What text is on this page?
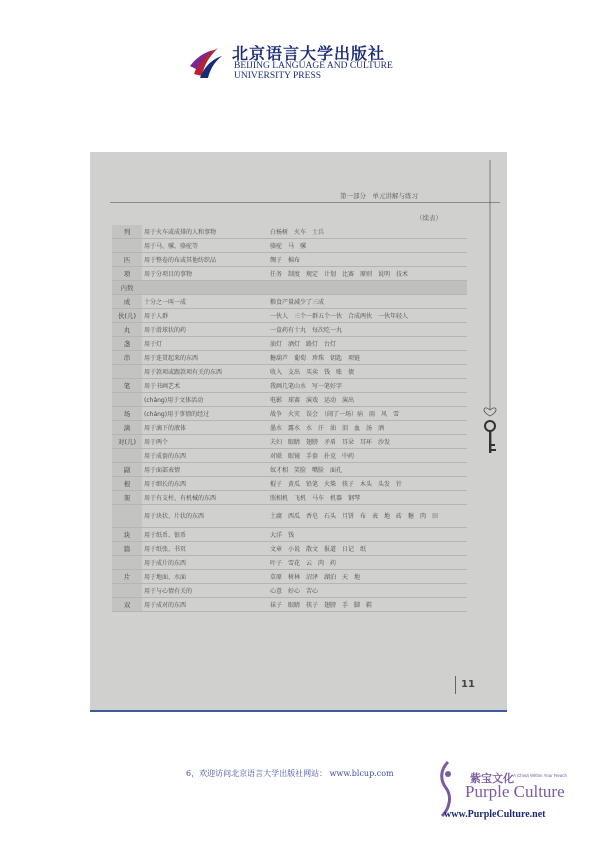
北京语言大学出版社
BEIJING LANGUAGE AND CULTURE
UNIVERSITY PRESS
第一部分　单元讲解与练习
（续表）
列	用于火车或成排的人和事物	白杨树　火车　士兵
	用于马、骡、骆驼等	骆驼　马　骡
匹	用于整卷的布或其他纺织品	绸子　棉布
项	用于分项目的事物	任务　制度　规定　计划　比赛　原则　说明　技术
内数		
成	十分之一叫一成	粮食产量减少了三成
伙(儿)	用于人群	一伙人　三个一群五个一伙　合成两伙　一伙年轻人
丸	用于滑球状的药	一盒药有十丸　每次吃一丸
盏	用于灯	油灯　酒灯　路灯　台灯
串	用于连贯起来的东西	糖葫芦　葡萄　珍珠　钥匙　项链
	用于款项或跟款项有关的东西	收入　支出　买卖　钱　账　债
笔	用于书画艺术	我画几笔山水　写一笔好字
	(chǎng)用于文体活动	电影　球赛　演戏　运动　演出
场	(cháng)用于事情的经过	战争　火灾　误会　（闹了一场）病　雨　风　雪
滴	用于滴下的液体	墨水　露水　水　汗　油　泪　血　汤　酒
对(儿)	用于两个	夫妇　眼睛　翅膀　矛盾　耳朵　耳环　沙发
	用于成套的东西	对联　眼镜　手套　扑克　中药
副	用于面部表情	奴才相　笑脸　嘴脸　面孔
根	用于细长的东西	棍子　黄瓜　铅笔　火柴　筷子　木头　头发　针
架	用于有支柱、有机械的东西	照相机　飞机　马车　机器　钢琴
	用于块状、片状的东西	土腐　西瓜　香皂　石头　月饼　布　表　地　砖　糖　肉　田
块	用于纸币、银币	大洋　钱
篇	用于纸张、书页	文章　小说　散文　报道　日记　纸
	用于成片的东西	叶子　雪花　云　肉　药
片	用于地面、水面	草原　树林　沼泽　湖泊　天　地
	用于与心情有关的	心意　好心　苦心
双	用于成对的东西	袜子　眼睛　筷子　翅膀　手　脚　鞋
11
6，欢迎访问北京语言大学出版社网站： www.blcup.com	紫宝文化 A China Within Your Reach
Purple Culture
www.PurpleCulture.net
